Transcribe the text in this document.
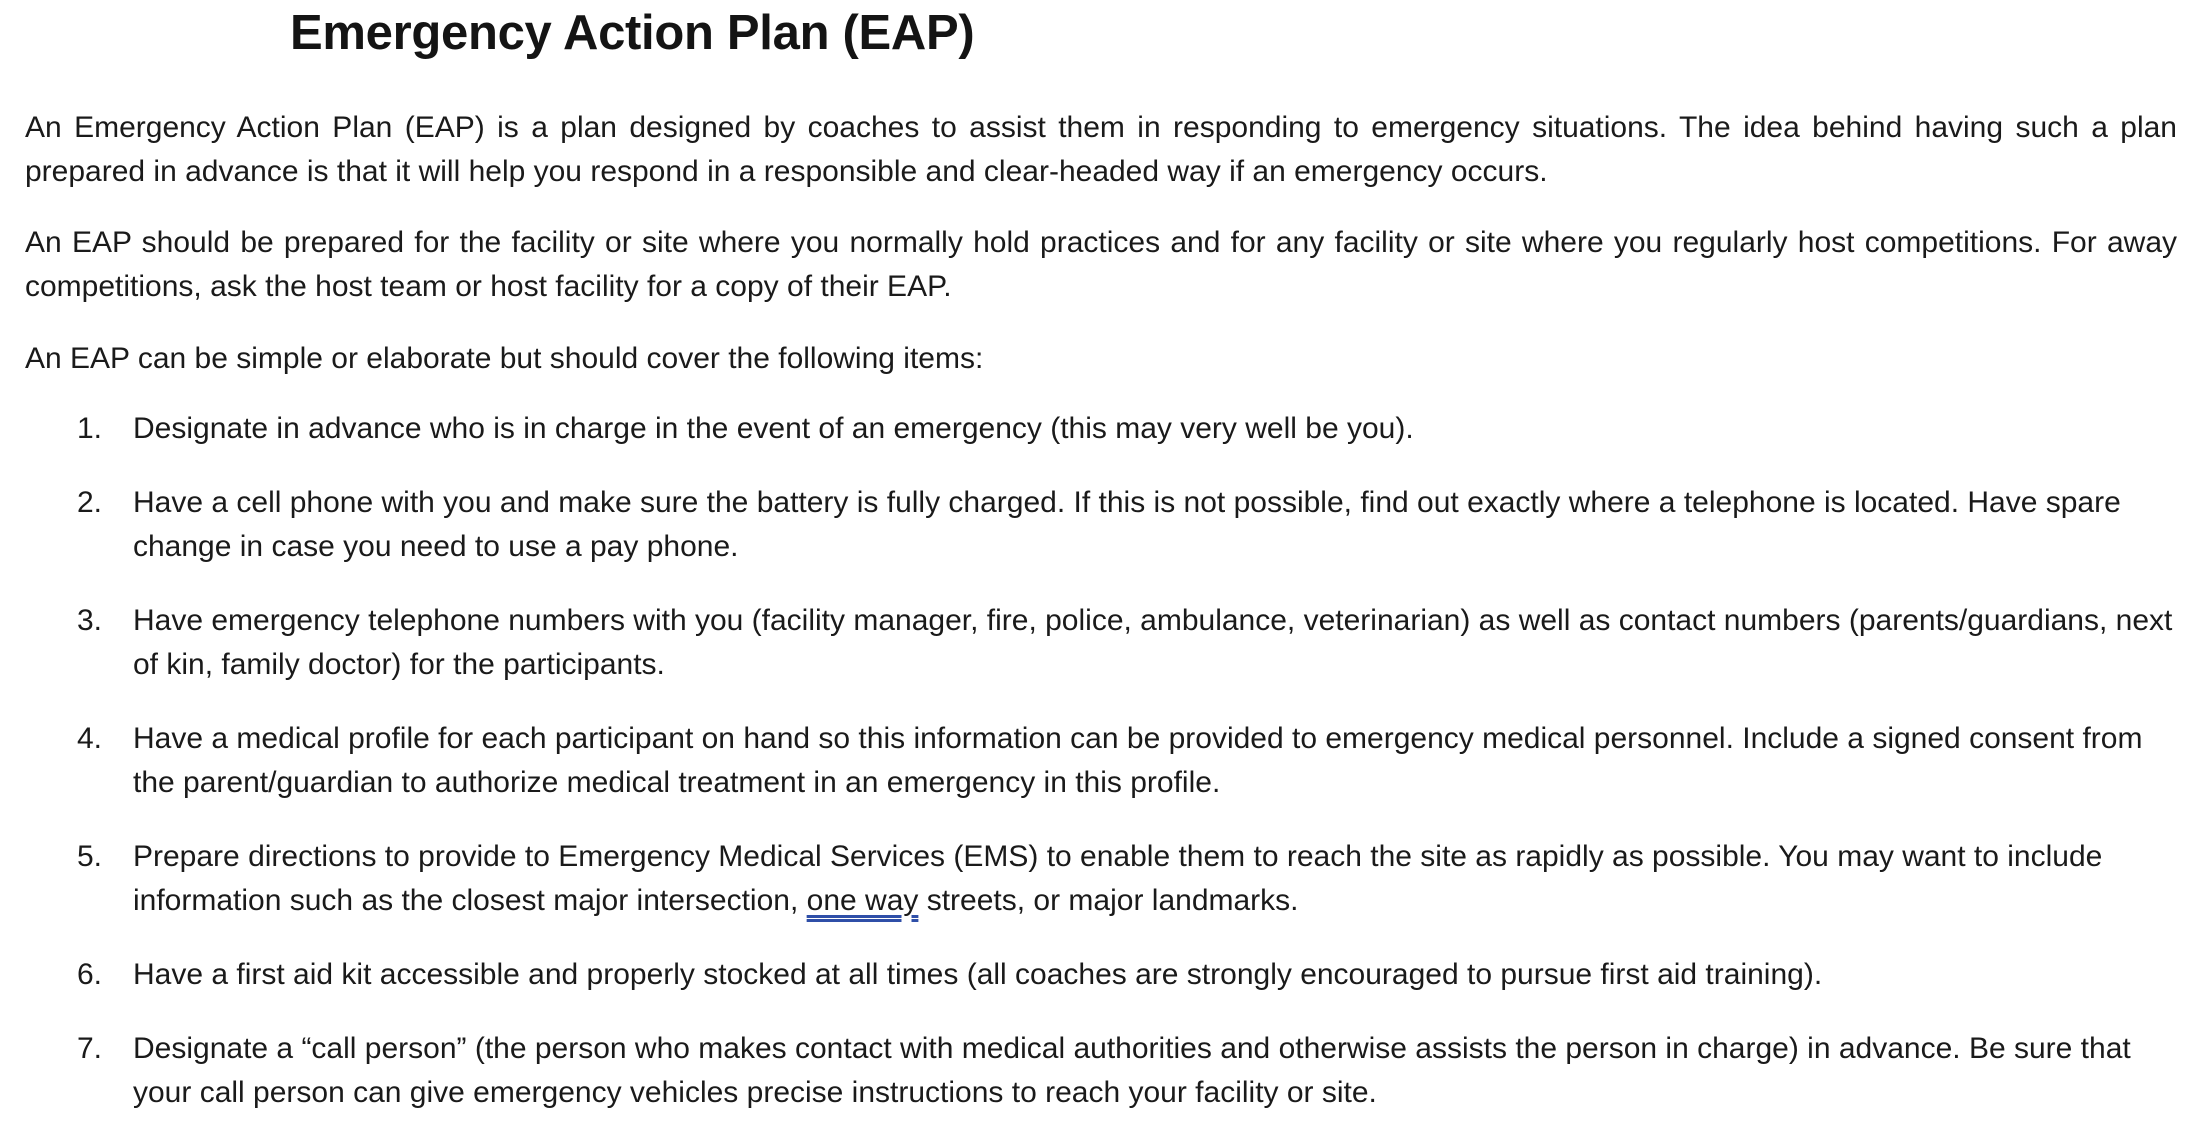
Emergency Action Plan (EAP)

An Emergency Action Plan (EAP) is a plan designed by coaches to assist them in responding to emergency situations. The idea behind having such a plan prepared in advance is that it will help you respond in a responsible and clear-headed way if an emergency occurs.

An EAP should be prepared for the facility or site where you normally hold practices and for any facility or site where you regularly host competitions. For away competitions, ask the host team or host facility for a copy of their EAP.

An EAP can be simple or elaborate but should cover the following items:

1.	Designate in advance who is in charge in the event of an emergency (this may very well be you).
2.	Have a cell phone with you and make sure the battery is fully charged. If this is not possible, find out exactly where a telephone is located. Have spare change in case you need to use a pay phone.
3.	Have emergency telephone numbers with you (facility manager, fire, police, ambulance, veterinarian) as well as contact numbers (parents/guardians, next of kin, family doctor) for the participants.
4.	Have a medical profile for each participant on hand so this information can be provided to emergency medical personnel. Include a signed consent from the parent/guardian to authorize medical treatment in an emergency in this profile.
5.	Prepare directions to provide to Emergency Medical Services (EMS) to enable them to reach the site as rapidly as possible. You may want to include information such as the closest major intersection, one way streets, or major landmarks.
6.	Have a first aid kit accessible and properly stocked at all times (all coaches are strongly encouraged to pursue first aid training).
7.	Designate a “call person” (the person who makes contact with medical authorities and otherwise assists the person in charge) in advance. Be sure that your call person can give emergency vehicles precise instructions to reach your facility or site.
